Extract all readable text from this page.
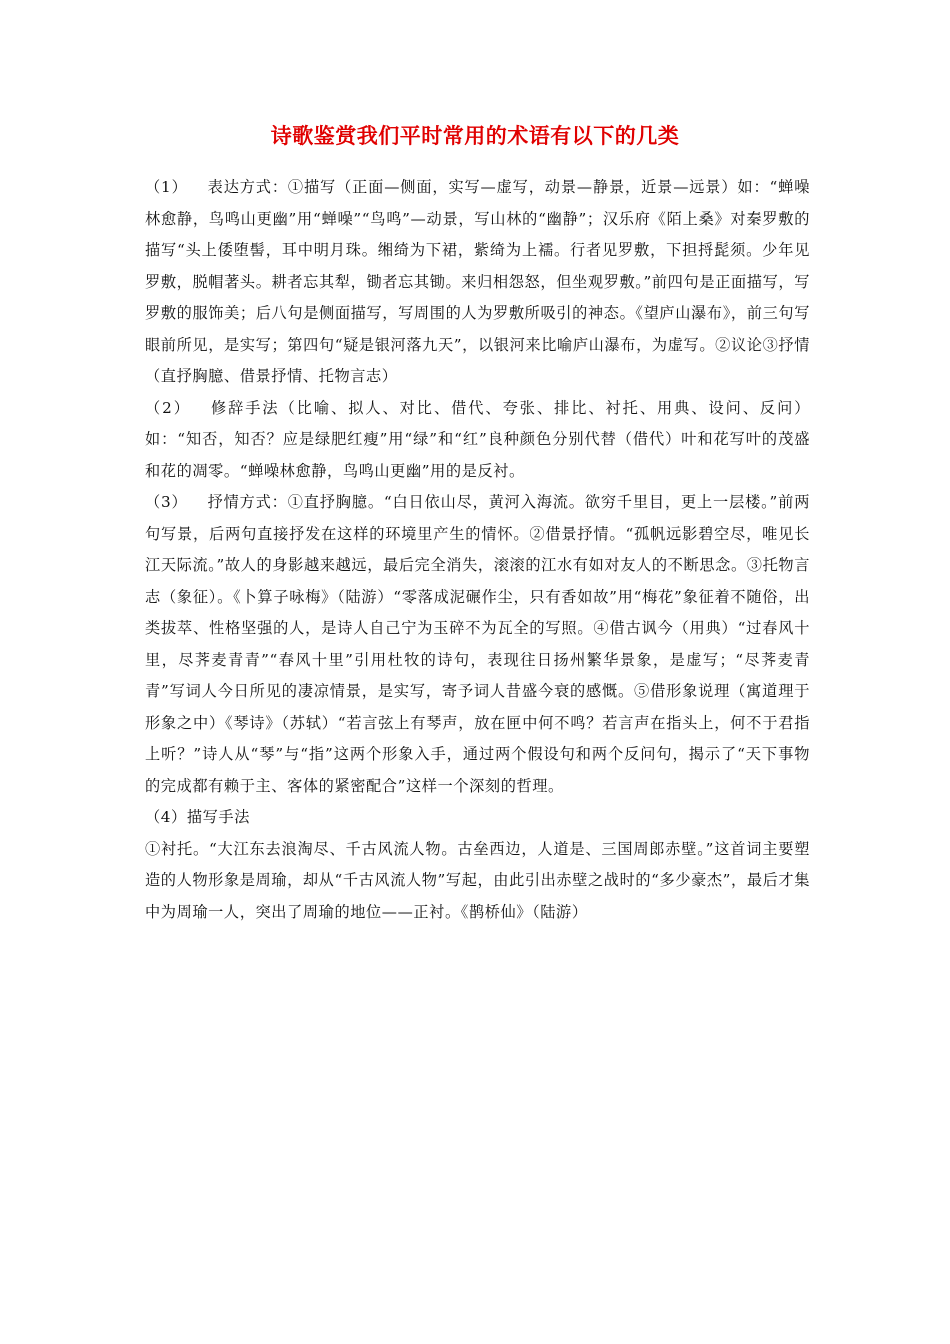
诗歌鉴赏我们平时常用的术语有以下的几类

（1） 表达方式：①描写（正面—侧面，实写—虚写，动景—静景，近景—远景）如：“蝉噪林愈静，鸟鸣山更幽”用“蝉噪”“鸟鸣”—动景，写山林的“幽静”；汉乐府《陌上桑》对秦罗敷的描写“头上倭堕髻，耳中明月珠。缃绮为下裙，紫绮为上襦。行者见罗敷，下担捋髭须。少年见罗敷，脱帽著头。耕者忘其犁，锄者忘其锄。来归相怨怒，但坐观罗敷。”前四句是正面描写，写罗敷的服饰美；后八句是侧面描写，写周围的人为罗敷所吸引的神态。《望庐山瀑布》，前三句写眼前所见，是实写；第四句“疑是银河落九天”，以银河来比喻庐山瀑布，为虚写。②议论③抒情（直抒胸臆、借景抒情、托物言志）

（2） 修辞手法（比喻、拟人、对比、借代、夸张、排比、衬托、用典、设问、反问）如：“知否，知否？应是绿肥红瘦”用“绿”和“红”良种颜色分别代替（借代）叶和花写叶的茂盛和花的凋零。“蝉噪林愈静，鸟鸣山更幽”用的是反衬。

（3） 抒情方式：①直抒胸臆。“白日依山尽，黄河入海流。欲穷千里目，更上一层楼。”前两句写景，后两句直接抒发在这样的环境里产生的情怀。②借景抒情。“孤帆远影碧空尽，唯见长江天际流。”故人的身影越来越远，最后完全消失，滚滚的江水有如对友人的不断思念。③托物言志（象征）。《卜算子咏梅》（陆游）“零落成泥碾作尘，只有香如故”用“梅花”象征着不随俗，出类拔萃、性格坚强的人，是诗人自己宁为玉碎不为瓦全的写照。④借古讽今（用典）“过春风十里，尽荠麦青青”“春风十里”引用杜牧的诗句，表现往日扬州繁华景象，是虚写；“尽荠麦青青”写词人今日所见的凄凉情景，是实写，寄予词人昔盛今衰的感慨。⑤借形象说理（寓道理于形象之中）《琴诗》（苏轼）“若言弦上有琴声，放在匣中何不鸣？若言声在指头上，何不于君指上听？”诗人从“琴”与“指”这两个形象入手，通过两个假设句和两个反问句，揭示了“天下事物的完成都有赖于主、客体的紧密配合”这样一个深刻的哲理。

（4）描写手法

①衬托。“大江东去浪淘尽、千古风流人物。古垒西边，人道是、三国周郎赤壁。”这首词主要塑造的人物形象是周瑜，却从“千古风流人物”写起，由此引出赤壁之战时的“多少豪杰”，最后才集中为周瑜一人，突出了周瑜的地位——正衬。《鹊桥仙》（陆游）
